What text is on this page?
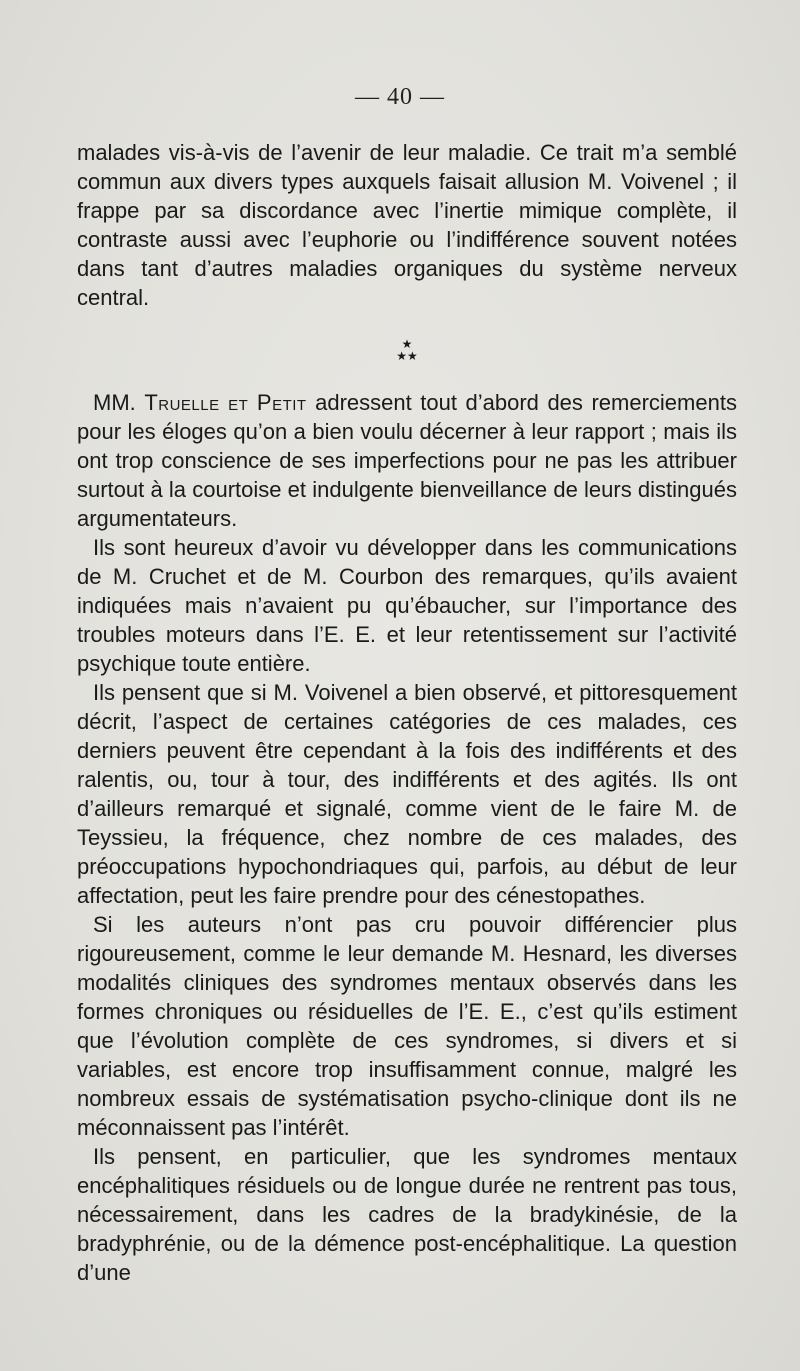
— 40 —

malades vis-à-vis de l’avenir de leur maladie. Ce trait m’a semblé commun aux divers types auxquels faisait allusion M. Voivenel ; il frappe par sa discordance avec l’inertie mimique complète, il contraste aussi avec l’euphorie ou l’indifférence souvent notées dans tant d’autres maladies organiques du système nerveux central.

★
★★

MM. Truelle et Petit adressent tout d’abord des remerciements pour les éloges qu’on a bien voulu décerner à leur rapport ; mais ils ont trop conscience de ses imperfections pour ne pas les attribuer surtout à la courtoise et indulgente bienveillance de leurs distingués argumentateurs.

Ils sont heureux d’avoir vu développer dans les communications de M. Cruchet et de M. Courbon des remarques, qu’ils avaient indiquées mais n’avaient pu qu’ébaucher, sur l’importance des troubles moteurs dans l’E. E. et leur retentissement sur l’activité psychique toute entière.

Ils pensent que si M. Voivenel a bien observé, et pittoresquement décrit, l’aspect de certaines catégories de ces malades, ces derniers peuvent être cependant à la fois des indifférents et des ralentis, ou, tour à tour, des indifférents et des agités. Ils ont d’ailleurs remarqué et signalé, comme vient de le faire M. de Teyssieu, la fréquence, chez nombre de ces malades, des préoccupations hypochondriaques qui, parfois, au début de leur affectation, peut les faire prendre pour des cénestopathes.

Si les auteurs n’ont pas cru pouvoir différencier plus rigoureusement, comme le leur demande M. Hesnard, les diverses modalités cliniques des syndromes mentaux observés dans les formes chroniques ou résiduelles de l’E. E., c’est qu’ils estiment que l’évolution complète de ces syndromes, si divers et si variables, est encore trop insuffisamment connue, malgré les nombreux essais de systématisation psycho-clinique dont ils ne méconnaissent pas l’intérêt.

Ils pensent, en particulier, que les syndromes mentaux encéphalitiques résiduels ou de longue durée ne rentrent pas tous, nécessairement, dans les cadres de la bradykinésie, de la bradyphrénie, ou de la démence post-encéphalitique. La question d’une
